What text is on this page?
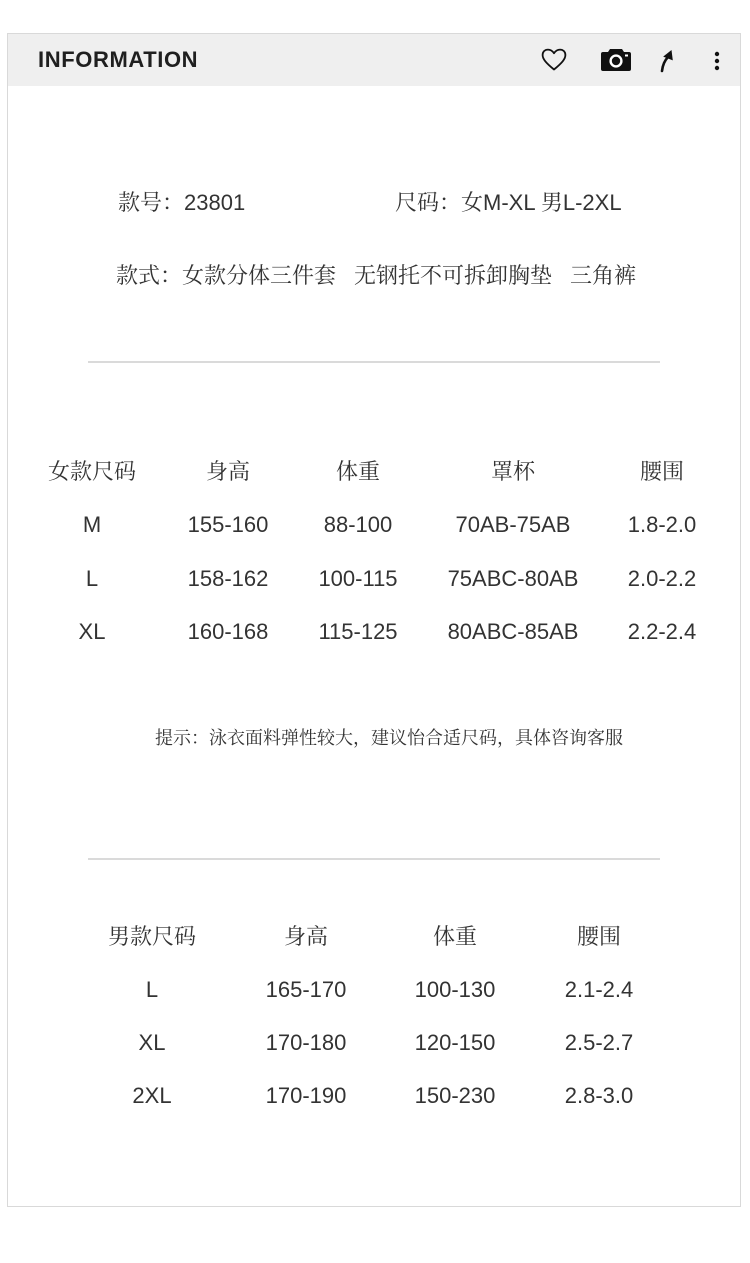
INFORMATION
款号：23801	尺码：女M-XL 男L-2XL
款式：女款分体三件套 无钢托不可拆卸胸垫 三角裤
女款尺码	身高	体重	罩杯	腰围
M	155-160	88-100	70AB-75AB	1.8-2.0
L	158-162	100-115	75ABC-80AB	2.0-2.2
XL	160-168	115-125	80ABC-85AB	2.2-2.4
提示：泳衣面料弹性较大，建议怡合适尺码，具体咨询客服
男款尺码	身高	体重	腰围
L	165-170	100-130	2.1-2.4
XL	170-180	120-150	2.5-2.7
2XL	170-190	150-230	2.8-3.0
